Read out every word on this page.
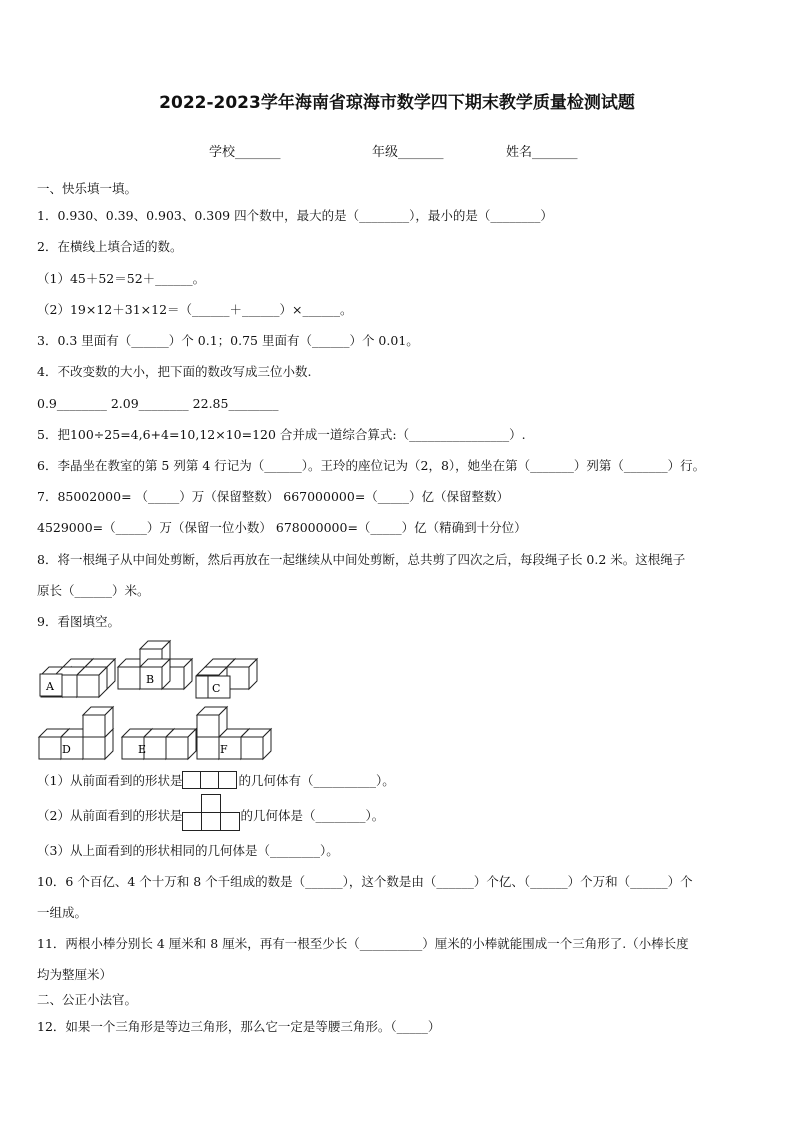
2022-2023学年海南省琼海市数学四下期末教学质量检测试题
学校_______	年级_______	姓名_______
一、快乐填一填。
1．0.930、0.39、0.903、0.309 四个数中，最大的是（________），最小的是（________）
2．在横线上填合适的数。
（1）45＋52＝52＋______。
（2）19×12＋31×12＝（______＋______）×______。
3．0.3 里面有（______）个 0.1；0.75 里面有（______）个 0.01。
4．不改变数的大小，把下面的数改写成三位小数.
0.9________ 2.09________ 22.85________
5．把100÷25=4,6+4=10,12×10=120 合并成一道综合算式:（________________）.
6．李晶坐在教室的第 5 列第 4 行记为（______）。王玲的座位记为（2，8），她坐在第（_______）列第（_______）行。
7．85002000= （_____）万（保留整数） 667000000=（_____）亿（保留整数）
4529000=（_____）万（保留一位小数） 678000000=（_____）亿（精确到十分位）
8．将一根绳子从中间处剪断，然后再放在一起继续从中间处剪断，总共剪了四次之后，每段绳子长 0.2 米。这根绳子
原长（______）米。
9．看图填空。
A
B
C
D	E	F
（1）从前面看到的形状是	的几何体有（__________）。
（2）从前面看到的形状是	的几何体是（________）。
（3）从上面看到的形状相同的几何体是（________）。
10．6 个百亿、4 个十万和 8 个千组成的数是（______），这个数是由（______）个亿、（______）个万和（______）个
一组成。
11．两根小棒分别长 4 厘米和 8 厘米，再有一根至少长（__________）厘米的小棒就能围成一个三角形了.（小棒长度
均为整厘米）
二、公正小法官。
12．如果一个三角形是等边三角形，那么它一定是等腰三角形。（_____）
